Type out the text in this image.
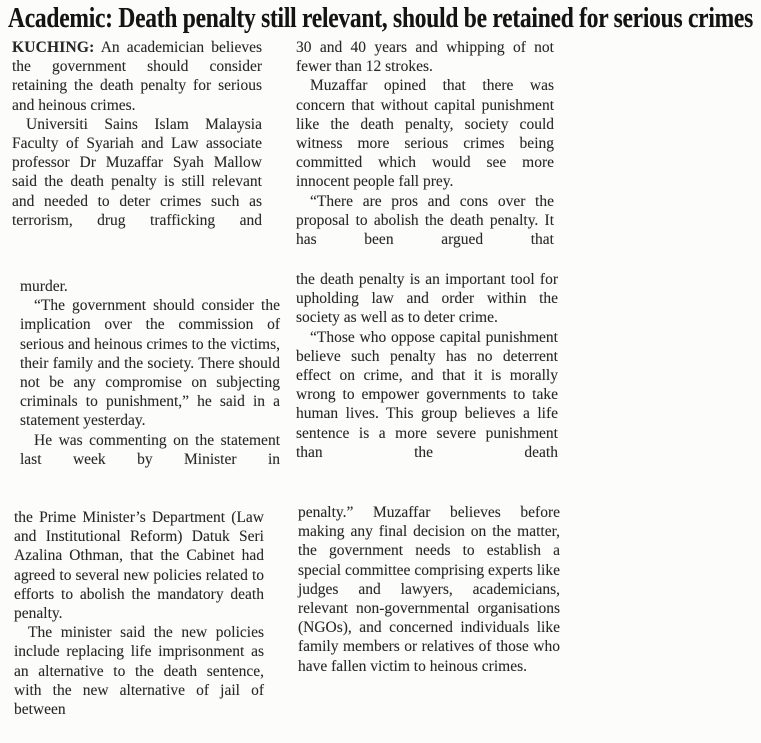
Academic: Death penalty still relevant, should be retained for serious crimes

KUCHING: An academician believes the government should consider retaining the death penalty for serious and heinous crimes.

Universiti Sains Islam Malaysia Faculty of Syariah and Law associate professor Dr Muzaffar Syah Mallow said the death penalty is still relevant and needed to deter crimes such as terrorism, drug trafficking and

murder.

“The government should consider the implication over the commission of serious and heinous crimes to the victims, their family and the society. There should not be any compromise on subjecting criminals to punishment,” he said in a statement yesterday.

He was commenting on the statement last week by Minister in

the Prime Minister’s Department (Law and Institutional Reform) Datuk Seri Azalina Othman, that the Cabinet had agreed to several new policies related to efforts to abolish the mandatory death penalty.

The minister said the new policies include replacing life imprisonment as an alternative to the death sentence, with the new alternative of jail of between

30 and 40 years and whipping of not fewer than 12 strokes.

Muzaffar opined that there was concern that without capital punishment like the death penalty, society could witness more serious crimes being committed which would see more innocent people fall prey.

“There are pros and cons over the proposal to abolish the death penalty. It has been argued that

the death penalty is an important tool for upholding law and order within the society as well as to deter crime.

“Those who oppose capital punishment believe such penalty has no deterrent effect on crime, and that it is morally wrong to empower governments to take human lives. This group believes a life sentence is a more severe punishment than the death

penalty.” Muzaffar believes before making any final decision on the matter, the government needs to establish a special committee comprising experts like judges and lawyers, academicians, relevant non-governmental organisations (NGOs), and concerned individuals like family members or relatives of those who have fallen victim to heinous crimes.
